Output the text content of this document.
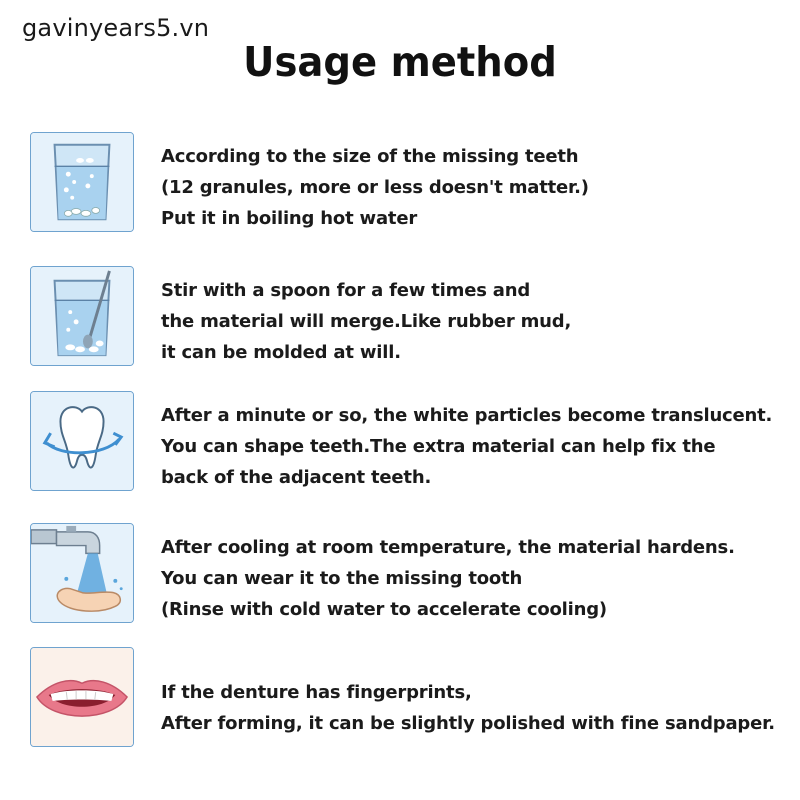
gavinyears5.vn
Usage method
According to the size of the missing teeth
(12 granules, more or less doesn't matter.)
Put it in boiling hot water
Stir with a spoon for a few times and
the material will merge.Like rubber mud,
it can be molded at will.
After a minute or so, the white particles become translucent.
You can shape teeth.The extra material can help fix the
back of the adjacent teeth.
After cooling at room temperature, the material hardens.
You can wear it to the missing tooth
(Rinse with cold water to accelerate cooling)
If the denture has fingerprints,
After forming, it can be slightly polished with fine sandpaper.
